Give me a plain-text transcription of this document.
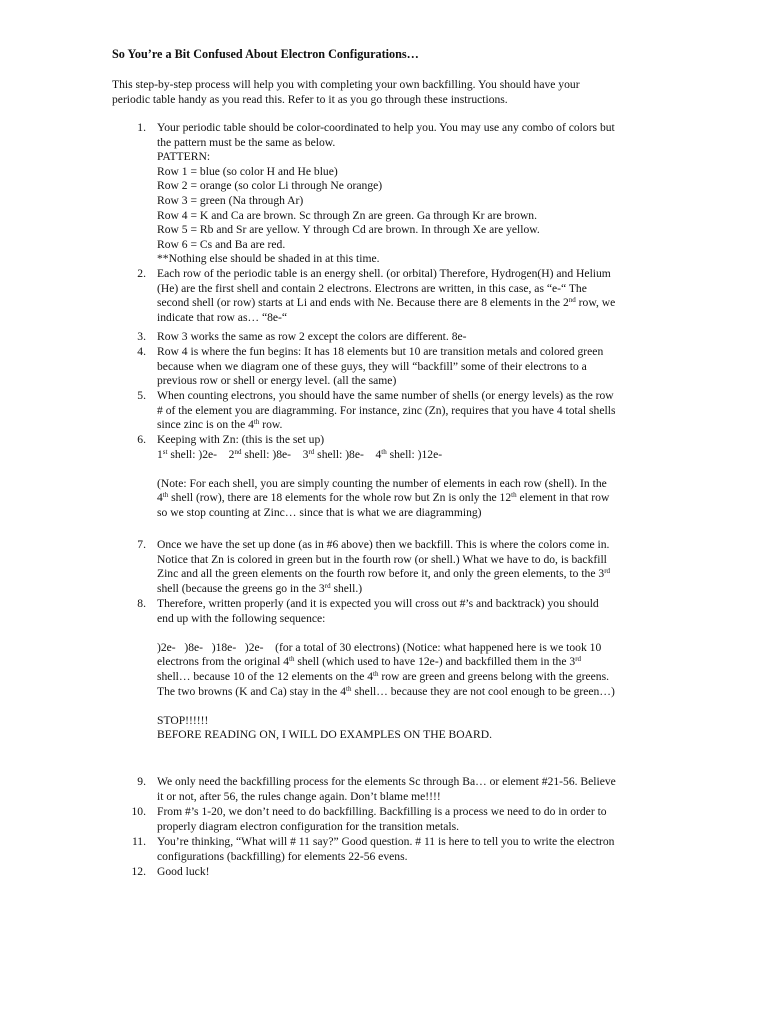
So You’re a Bit Confused About Electron Configurations…
This step-by-step process will help you with completing your own backfilling. You should have your
periodic table handy as you read this. Refer to it as you go through these instructions.
1. Your periodic table should be color-coordinated to help you. You may use any combo of colors but
the pattern must be the same as below.
PATTERN:
Row 1 = blue (so color H and He blue)
Row 2 = orange (so color Li through Ne orange)
Row 3 = green (Na through Ar)
Row 4 = K and Ca are brown. Sc through Zn are green. Ga through Kr are brown.
Row 5 = Rb and Sr are yellow. Y through Cd are brown. In through Xe are yellow.
Row 6 = Cs and Ba are red.
**Nothing else should be shaded in at this time.
2. Each row of the periodic table is an energy shell. (or orbital) Therefore, Hydrogen(H) and Helium
(He) are the first shell and contain 2 electrons. Electrons are written, in this case, as “e-“ The
second shell (or row) starts at Li and ends with Ne. Because there are 8 elements in the 2nd row, we
indicate that row as… “8e-“
3. Row 3 works the same as row 2 except the colors are different. 8e-
4. Row 4 is where the fun begins: It has 18 elements but 10 are transition metals and colored green
because when we diagram one of these guys, they will “backfill” some of their electrons to a
previous row or shell or energy level. (all the same)
5. When counting electrons, you should have the same number of shells (or energy levels) as the row
# of the element you are diagramming. For instance, zinc (Zn), requires that you have 4 total shells
since zinc is on the 4th row.
6. Keeping with Zn: (this is the set up)
1st shell: )2e-    2nd shell: )8e-    3rd shell: )8e-    4th shell: )12e-
(Note: For each shell, you are simply counting the number of elements in each row (shell). In the
4th shell (row), there are 18 elements for the whole row but Zn is only the 12th element in that row
so we stop counting at Zinc… since that is what we are diagramming)
7. Once we have the set up done (as in #6 above) then we backfill. This is where the colors come in.
Notice that Zn is colored in green but in the fourth row (or shell.) What we have to do, is backfill
Zinc and all the green elements on the fourth row before it, and only the green elements, to the 3rd
shell (because the greens go in the 3rd shell.)
8. Therefore, written properly (and it is expected you will cross out #’s and backtrack) you should
end up with the following sequence:
)2e-   )8e-   )18e-   )2e-    (for a total of 30 electrons) (Notice: what happened here is we took 10
electrons from the original 4th shell (which used to have 12e-) and backfilled them in the 3rd
shell… because 10 of the 12 elements on the 4th row are green and greens belong with the greens.
The two browns (K and Ca) stay in the 4th shell… because they are not cool enough to be green…)
STOP!!!!!!
BEFORE READING ON, I WILL DO EXAMPLES ON THE BOARD.
9. We only need the backfilling process for the elements Sc through Ba… or element #21-56. Believe
it or not, after 56, the rules change again. Don’t blame me!!!!
10. From #’s 1-20, we don’t need to do backfilling. Backfilling is a process we need to do in order to
properly diagram electron configuration for the transition metals.
11. You’re thinking, “What will # 11 say?” Good question. # 11 is here to tell you to write the electron
configurations (backfilling) for elements 22-56 evens.
12. Good luck!
